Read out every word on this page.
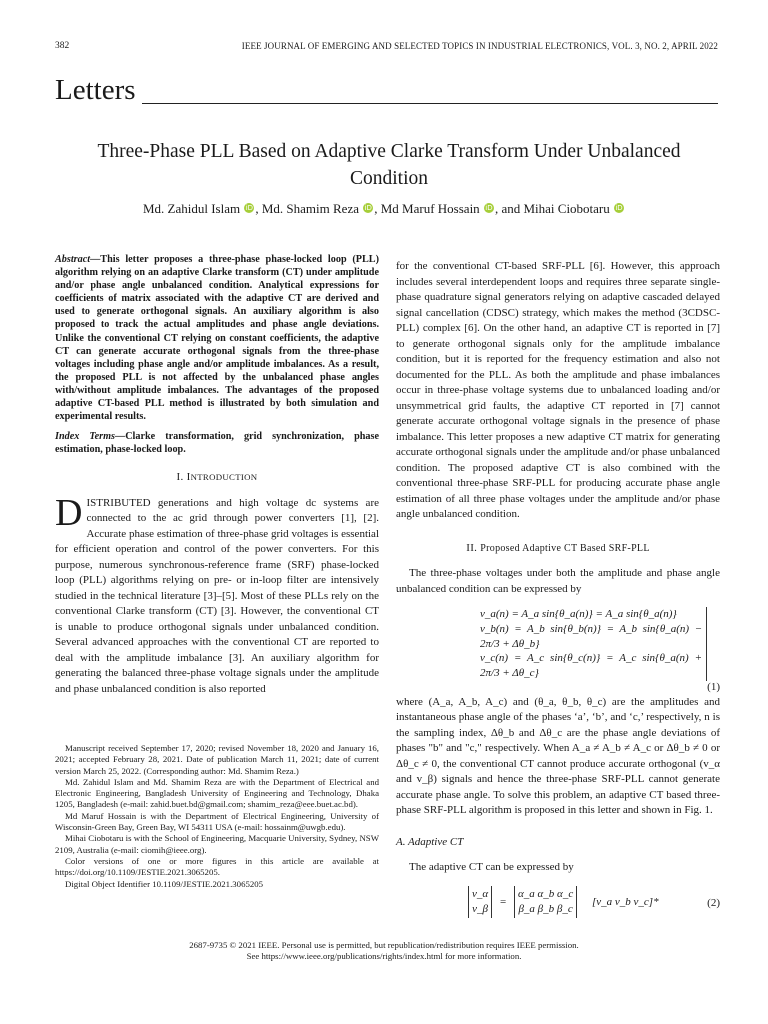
382	IEEE JOURNAL OF EMERGING AND SELECTED TOPICS IN INDUSTRIAL ELECTRONICS, VOL. 3, NO. 2, APRIL 2022
Letters
Three-Phase PLL Based on Adaptive Clarke Transform Under Unbalanced Condition
Md. Zahidul Islam iD , Md. Shamim Reza iD , Md Maruf Hossain iD , and Mihai Ciobotaru iD

Abstract—This letter proposes a three-phase phase-locked loop (PLL) algorithm relying on an adaptive Clarke transform (CT) under amplitude and/or phase angle unbalanced condition. Analytical expressions for coefficients of matrix associated with the adaptive CT are derived and used to generate orthogonal signals. An auxiliary algorithm is also proposed to track the actual amplitudes and phase angle deviations. Unlike the conventional CT relying on constant coefficients, the adaptive CT can generate accurate orthogonal signals from the three-phase voltages including phase angle and/or amplitude imbalances. As a result, the proposed PLL is not affected by the unbalanced phase angles with/without amplitude imbalances. The advantages of the proposed adaptive CT-based PLL method is illustrated by both simulation and experimental results.

Index Terms—Clarke transformation, grid synchronization, phase estimation, phase-locked loop.

I. INTRODUCTION

DISTRIBUTED generations and high voltage dc systems are connected to the ac grid through power converters [1], [2]. Accurate phase estimation of three-phase grid voltages is essential for efficient operation and control of the power converters. For this purpose, numerous synchronous-reference frame (SRF) phase-locked loop (PLL) algorithms relying on pre- or in-loop filter are intensively studied in the technical literature [3]–[5]. Most of these PLLs rely on the conventional Clarke transform (CT) [3]. However, the conventional CT is unable to produce orthogonal signals under unbalanced condition. Several advanced approaches with the conventional CT are reported to deal with the amplitude imbalance [3]. An auxiliary algorithm for generating the balanced three-phase voltage signals under the amplitude and phase unbalanced condition is also reported

Manuscript received September 17, 2020; revised November 18, 2020 and January 16, 2021; accepted February 28, 2021. Date of publication March 11, 2021; date of current version March 25, 2022. (Corresponding author: Md. Shamim Reza.)

Md. Zahidul Islam and Md. Shamim Reza are with the Department of Electrical and Electronic Engineering, Bangladesh University of Engineering and Technology, Dhaka 1205, Bangladesh (e-mail: zahid.buet.bd@gmail.com; shamim_reza@eee.buet.ac.bd).

Md Maruf Hossain is with the Department of Electrical Engineering, University of Wisconsin-Green Bay, Green Bay, WI 54311 USA (e-mail: hossainm@uwgb.edu).

Mihai Ciobotaru is with the School of Engineering, Macquarie University, Sydney, NSW 2109, Australia (e-mail: ciomih@ieee.org).

Color versions of one or more figures in this article are available at https://doi.org/10.1109/JESTIE.2021.3065205.

Digital Object Identifier 10.1109/JESTIE.2021.3065205

for the conventional CT-based SRF-PLL [6]. However, this approach includes several interdependent loops and requires three separate single-phase quadrature signal generators relying on adaptive cascaded delayed signal cancellation (CDSC) strategy, which makes the method (3CDSC-PLL) complex [6]. On the other hand, an adaptive CT is reported in [7] to generate orthogonal signals only for the amplitude imbalance condition, but it is reported for the frequency estimation and also not documented for the PLL. As both the amplitude and phase imbalances occur in three-phase voltage systems due to unbalanced loading and/or unsymmetrical grid faults, the adaptive CT reported in [7] cannot generate accurate orthogonal voltage signals in the presence of phase imbalance. This letter proposes a new adaptive CT matrix for generating accurate orthogonal signals under the amplitude and/or phase unbalanced condition. The proposed adaptive CT is also combined with the conventional three-phase SRF-PLL for producing accurate phase angle estimation of all three phase voltages under the amplitude and/or phase angle unbalanced condition.

II. Proposed Adaptive CT Based SRF-PLL

The three-phase voltages under both the amplitude and phase angle unbalanced condition can be expressed by

v_a(n) = A_a sin{θ_a(n)} = A_a sin{θ_a(n)}
v_b(n) = A_b sin{θ_b(n)} = A_b sin{θ_a(n) − 2π/3 + Δθ_b}
v_c(n) = A_c sin{θ_c(n)} = A_c sin{θ_a(n) + 2π/3 + Δθ_c}
(1)

where (A_a, A_b, A_c) and (θ_a, θ_b, θ_c) are the amplitudes and instantaneous phase angle of the phases ‘a’, ‘b’, and ‘c,’ respectively, n is the sampling index, Δθ_b and Δθ_c are the phase angle deviations of phases "b" and "c," respectively. When A_a ≠ A_b ≠ A_c or Δθ_b ≠ 0 or Δθ_c ≠ 0, the conventional CT cannot produce accurate orthogonal (v_α and v_β) signals and hence the three-phase SRF-PLL cannot generate accurate phase angle. To solve this problem, an adaptive CT based three-phase SRF-PLL algorithm is proposed in this letter and shown in Fig. 1.

A. Adaptive CT

The adaptive CT can be expressed by

v_α
v_β
=
α_a α_b α_c
β_a β_b β_c
[v_a v_b v_c]*	(2)
2687-9735 © 2021 IEEE. Personal use is permitted, but republication/redistribution requires IEEE permission.
See https://www.ieee.org/publications/rights/index.html for more information.
